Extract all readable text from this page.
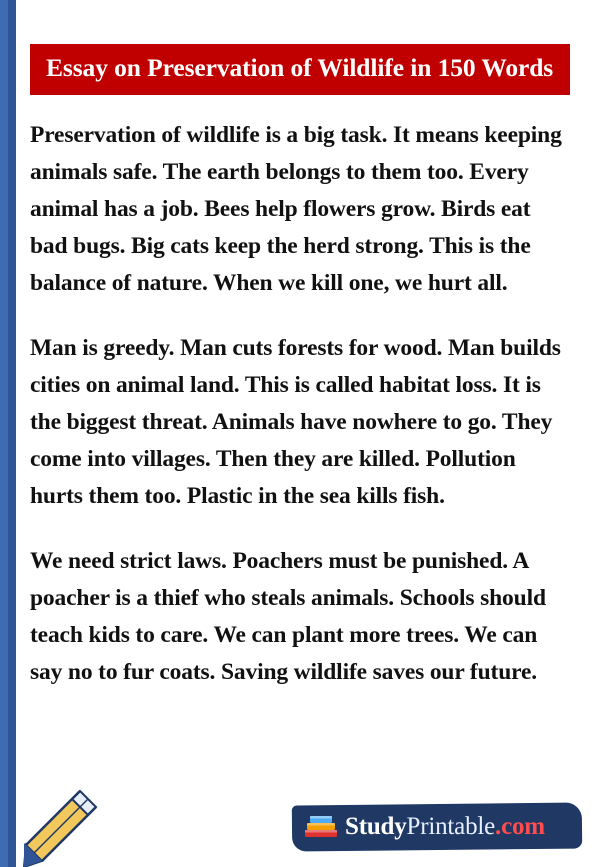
Essay on Preservation of Wildlife in 150 Words

Preservation of wildlife is a big task. It means keeping animals safe. The earth belongs to them too. Every animal has a job. Bees help flowers grow. Birds eat bad bugs. Big cats keep the herd strong. This is the balance of nature. When we kill one, we hurt all.

Man is greedy. Man cuts forests for wood. Man builds cities on animal land. This is called habitat loss. It is the biggest threat. Animals have nowhere to go. They come into villages. Then they are killed. Pollution hurts them too. Plastic in the sea kills fish.

We need strict laws. Poachers must be punished. A poacher is a thief who steals animals. Schools should teach kids to care. We can plant more trees. We can say no to fur coats. Saving wildlife saves our future.

StudyPrintable.com
